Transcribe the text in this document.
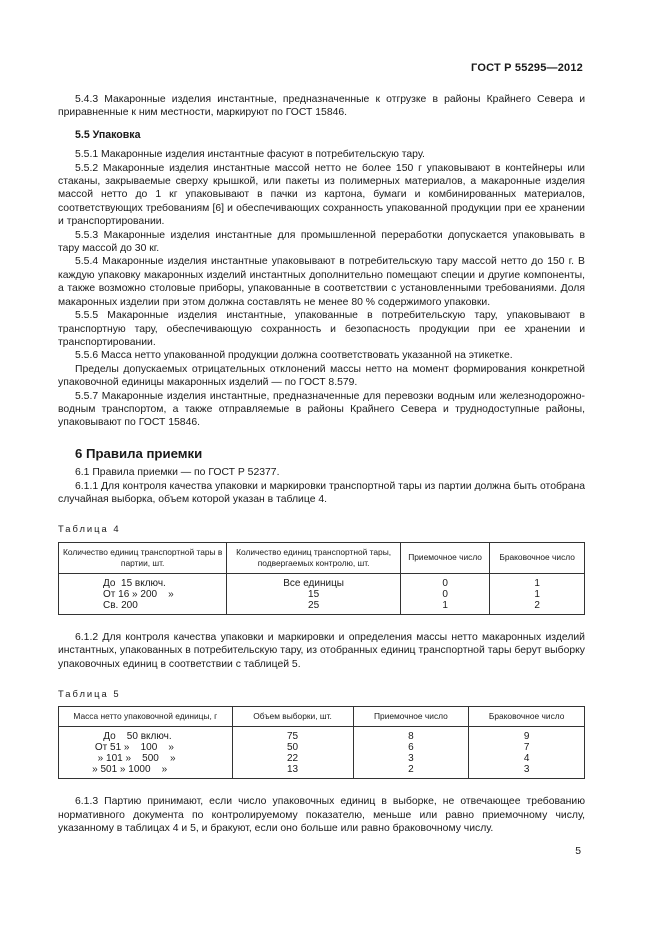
ГОСТ Р 55295—2012

5.4.3 Макаронные изделия инстантные, предназначенные к отгрузке в районы Крайнего Севера и приравненные к ним местности, маркируют по ГОСТ 15846.

5.5 Упаковка

5.5.1 Макаронные изделия инстантные фасуют в потребительскую тару.

5.5.2 Макаронные изделия инстантные массой нетто не более 150 г упаковывают в контейнеры или стаканы, закрываемые сверху крышкой, или пакеты из полимерных материалов, а макаронные изделия массой нетто до 1 кг упаковывают в пачки из картона, бумаги и комбинированных материалов, соответствующих требованиям [6] и обеспечивающих сохранность упакованной продукции при ее хранении и транспортировании.

5.5.3 Макаронные изделия инстантные для промышленной переработки допускается упаковывать в тару массой до 30 кг.

5.5.4 Макаронные изделия инстантные упаковывают в потребительскую тару массой нетто до 150 г. В каждую упаковку макаронных изделий инстантных дополнительно помещают специи и другие компоненты, а также возможно столовые приборы, упакованные в соответствии с установленными требованиями. Доля макаронных изделии при этом должна составлять не менее 80 % содержимого упаковки.

5.5.5 Макаронные изделия инстантные, упакованные в потребительскую тару, упаковывают в транспортную тару, обеспечивающую сохранность и безопасность продукции при ее хранении и транспортировании.

5.5.6 Масса нетто упакованной продукции должна соответствовать указанной на этикетке.

Пределы допускаемых отрицательных отклонений массы нетто на момент формирования конкретной упаковочной единицы макаронных изделий — по ГОСТ 8.579.

5.5.7 Макаронные изделия инстантные, предназначенные для перевозки водным или железнодорожно-водным транспортом, а также отправляемые в районы Крайнего Севера и труднодоступные районы, упаковывают по ГОСТ 15846.

6 Правила приемки

6.1 Правила приемки — по ГОСТ Р 52377.

6.1.1 Для контроля качества упаковки и маркировки транспортной тары из партии должна быть отобрана случайная выборка, объем которой указан в таблице 4.

Таблица 4
Количество единиц транспортной тары в партии, шт.	Количество единиц транспортной тары, подвергаемых контролю, шт.	Приемочное число	Браковочное число
До  15 включ.	Все единицы	0	1
От 16 » 200    »	15	0	1
Св. 200	25	1	2

6.1.2 Для контроля качества упаковки и маркировки и определения массы нетто макаронных изделий инстантных, упакованных в потребительскую тару, из отобранных единиц транспортной тары берут выборку упаковочных единиц в соответствии с таблицей 5.

Таблица 5
Масса нетто упаковочной единицы, г	Объем выборки, шт.	Приемочное число	Браковочное число
До    50 включ.	75	8	9
От 51 »    100    »	50	6	7
» 101 »    500    »	22	3	4
» 501 » 1000    »	13	2	3

6.1.3 Партию принимают, если число упаковочных единиц в выборке, не отвечающее требованию нормативного документа по контролируемому показателю, меньше или равно приемочному числу, указанному в таблицах 4 и 5, и бракуют, если оно больше или равно браковочному числу.

5
